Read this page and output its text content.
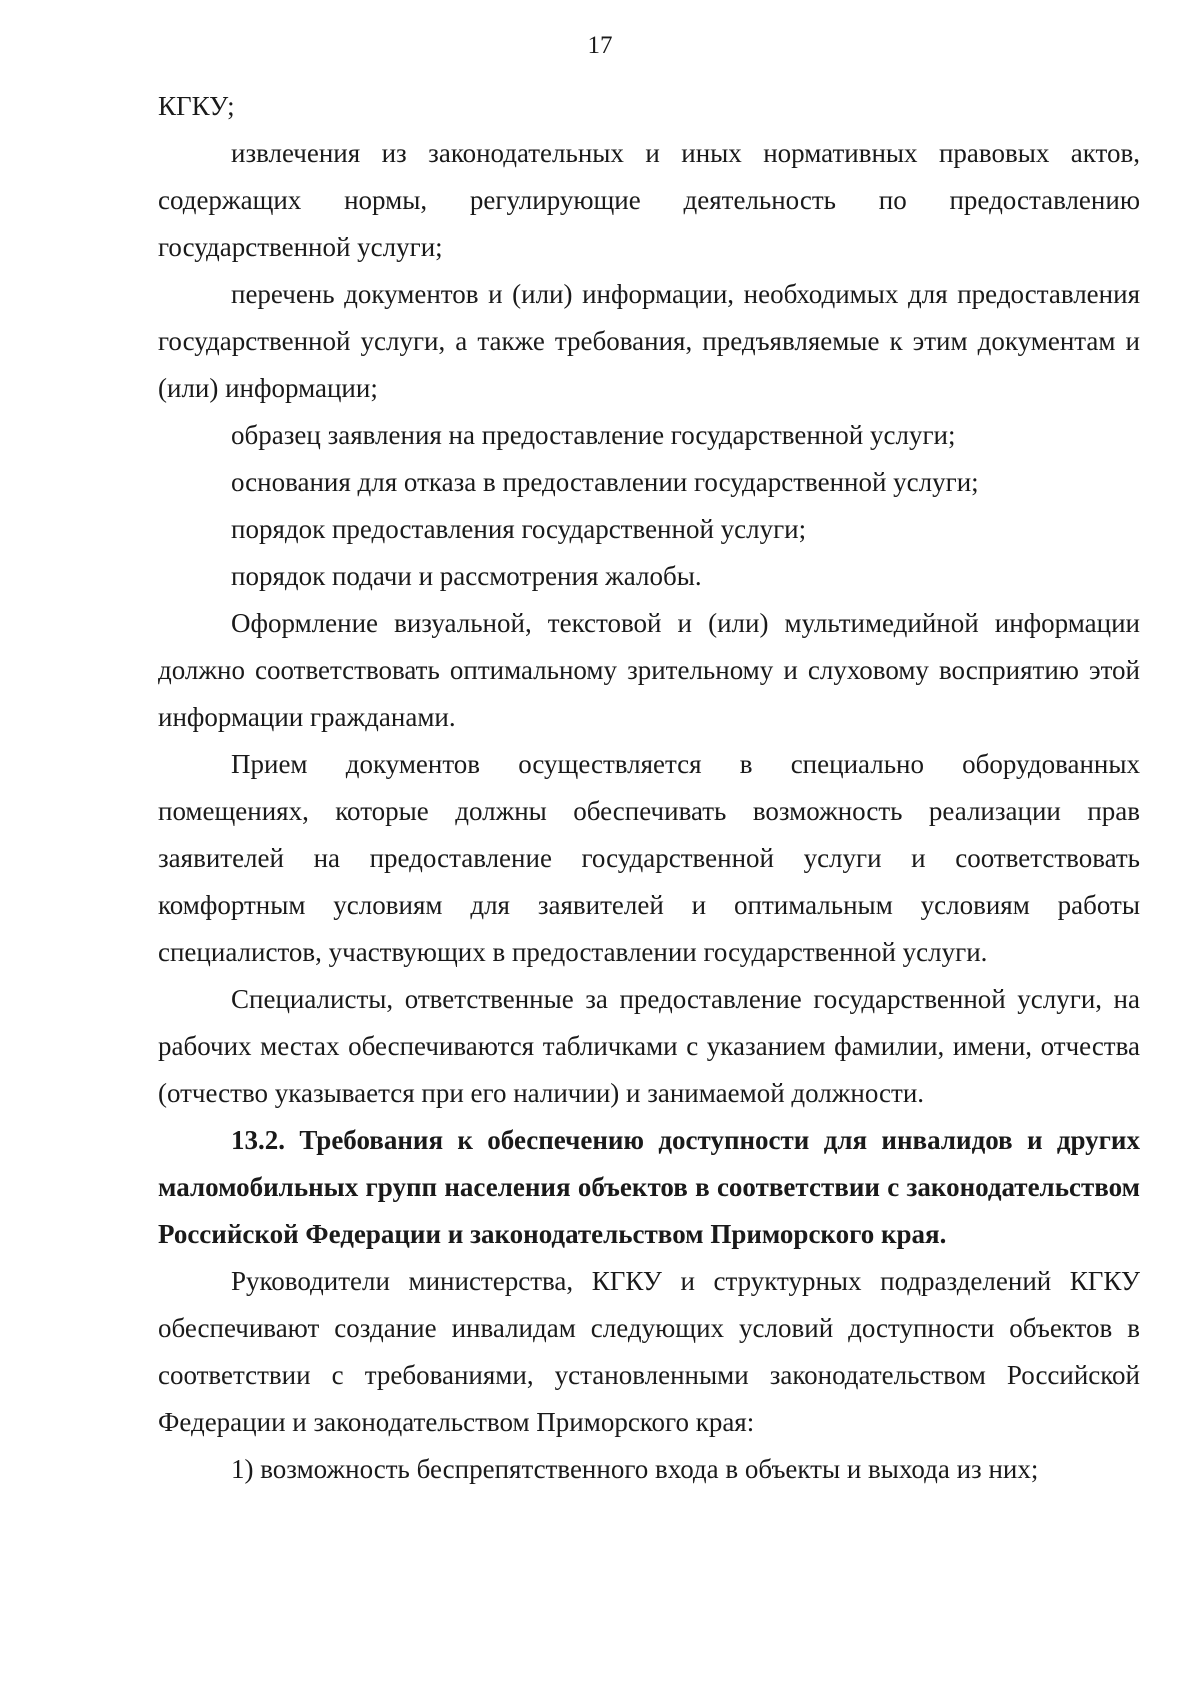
17

КГКУ;

извлечения из законодательных и иных нормативных правовых актов, содержащих нормы, регулирующие деятельность по предоставлению государственной услуги;

перечень документов и (или) информации, необходимых для предоставления государственной услуги, а также требования, предъявляемые к этим документам и (или) информации;

образец заявления на предоставление государственной услуги;

основания для отказа в предоставлении государственной услуги;

порядок предоставления государственной услуги;

порядок подачи и рассмотрения жалобы.

Оформление визуальной, текстовой и (или) мультимедийной информации должно соответствовать оптимальному зрительному и слуховому восприятию этой информации гражданами.

Прием документов осуществляется в специально оборудованных помещениях, которые должны обеспечивать возможность реализации прав заявителей на предоставление государственной услуги и соответствовать комфортным условиям для заявителей и оптимальным условиям работы специалистов, участвующих в предоставлении государственной услуги.

Специалисты, ответственные за предоставление государственной услуги, на рабочих местах обеспечиваются табличками с указанием фамилии, имени, отчества (отчество указывается при его наличии) и занимаемой должности.

13.2. Требования к обеспечению доступности для инвалидов и других маломобильных групп населения объектов в соответствии с законодательством Российской Федерации и законодательством Приморского края.

Руководители министерства, КГКУ и структурных подразделений КГКУ обеспечивают создание инвалидам следующих условий доступности объектов в соответствии с требованиями, установленными законодательством Российской Федерации и законодательством Приморского края:

1) возможность беспрепятственного входа в объекты и выхода из них;
